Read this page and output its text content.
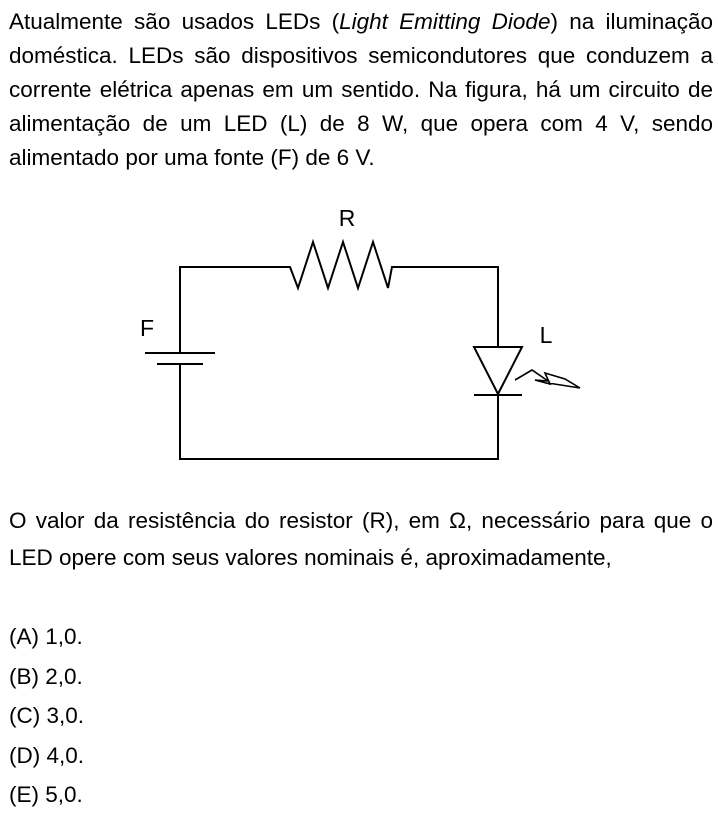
Atualmente são usados LEDs (Light Emitting Diode) na iluminação doméstica. LEDs são dispositivos semicondutores que conduzem a corrente elétrica apenas em um sentido. Na figura, há um circuito de alimentação de um LED (L) de 8 W, que opera com 4 V, sendo alimentado por uma fonte (F) de 6 V.

R
F	L

O valor da resistência do resistor (R), em Ω, necessário para que o LED opere com seus valores nominais é, aproximadamente,

(A) 1,0.
(B) 2,0.
(C) 3,0.
(D) 4,0.
(E) 5,0.
